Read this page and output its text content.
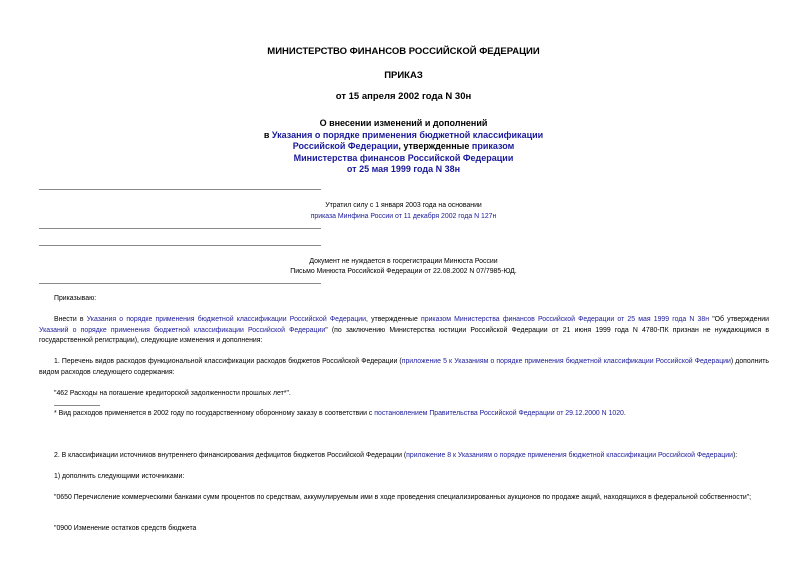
МИНИСТЕРСТВО ФИНАНСОВ РОССИЙСКОЙ ФЕДЕРАЦИИ
ПРИКАЗ
от 15 апреля 2002 года N 30н
О внесении изменений и дополнений
в Указания о порядке применения бюджетной классификации
Российской Федерации, утвержденные приказом
Министерства финансов Российской Федерации
от 25 мая 1999 года N 38н
Утратил силу с 1 января 2003 года на основании
приказа Минфина России от 11 декабря 2002 года N 127н
Документ не нуждается в госрегистрации Минюста России
Письмо Минюста Российской Федерации от 22.08.2002 N 07/7985-ЮД.
Приказываю:
Внести в Указания о порядке применения бюджетной классификации Российской Федерации, утвержденные приказом Министерства финансов Российской Федерации от 25 мая 1999 года N 38н "Об утверждении Указаний о порядке применения бюджетной классификации Российской Федерации" (по заключению Министерства юстиции Российской Федерации от 21 июня 1999 года N 4780-ПК признан не нуждающимся в государственной регистрации), следующие изменения и дополнения:
1. Перечень видов расходов функциональной классификации расходов бюджетов Российской Федерации (приложение 5 к Указаниям о порядке применения бюджетной классификации Российской Федерации) дополнить видом расходов следующего содержания:
"462 Расходы на погашение кредиторской задолженности прошлых лет*".
* Вид расходов применяется в 2002 году по государственному оборонному заказу в соответствии с постановлением Правительства Российской Федерации от 29.12.2000 N 1020.
2. В классификации источников внутреннего финансирования дефицитов бюджетов Российской Федерации (приложение 8 к Указаниям о порядке применения бюджетной классификации Российской Федерации):
1) дополнить следующими источниками:
"0650 Перечисление коммерческими банками сумм процентов по средствам, аккумулируемым ими в ходе проведения специализированных аукционов по продаже акций, находящихся в федеральной собственности";
"0900 Изменение остатков средств бюджета
